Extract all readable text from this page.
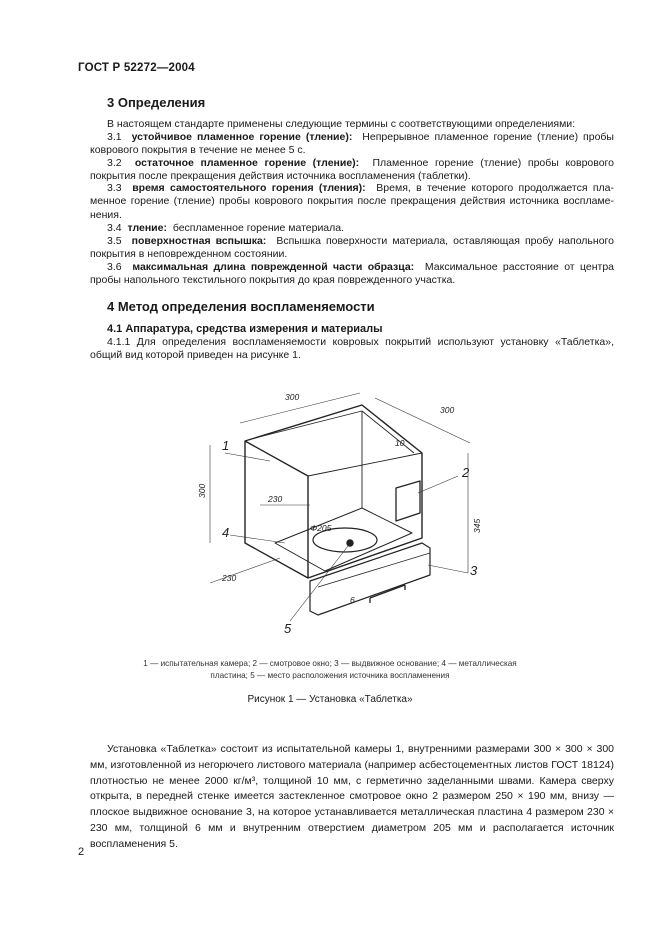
ГОСТ Р 52272—2004
3 Определения
В настоящем стандарте применены следующие термины с соответствующими определениями:
3.1 устойчивое пламенное горение (тление): Непрерывное пламенное горение (тление) пробы коврового покрытия в течение не менее 5 с.
3.2 остаточное пламенное горение (тление): Пламенное горение (тление) пробы коврового покрытия после прекращения действия источника воспламенения (таблетки).
3.3 время самостоятельного горения (тления): Время, в течение которого продолжается пламенное горение (тление) пробы коврового покрытия после прекращения действия источника воспламенения.
3.4 тление: беспламенное горение материала.
3.5 поверхностная вспышка: Вспышка поверхности материала, оставляющая пробу напольного покрытия в неповрежденном состоянии.
3.6 максимальная длина поврежденной части образца: Максимальное расстояние от центра пробы напольного текстильного покрытия до края поврежденного участка.
4 Метод определения воспламеняемости
4.1 Аппаратура, средства измерения и материалы
4.1.1 Для определения воспламеняемости ковровых покрытий используют установку «Таблетка», общий вид которой приведен на рисунке 1.
300
300
300
10
230
Φ205	345
230
6
1
2
3
4
5
1 — испытательная камера; 2 — смотровое окно; 3 — выдвижное основание; 4 — металлическая
пластина; 5 — место расположения источника воспламенения
Рисунок 1 — Установка «Таблетка»
Установка «Таблетка» состоит из испытательной камеры 1, внутренними размерами 300 × 300 × 300 мм, изготовленной из негорючего листового материала (например асбестоцементных листов ГОСТ 18124) плотностью не менее 2000 кг/м³, толщиной 10 мм, с герметично заделанными швами. Камера сверху открыта, в передней стенке имеется застекленное смотровое окно 2 размером 250 × 190 мм, внизу — плоское выдвижное основание 3, на которое устанавливается металлическая пластина 4 размером 230 × 230 мм, толщиной 6 мм и внутренним отверстием диаметром 205 мм и располагается источник воспламенения 5.
2
